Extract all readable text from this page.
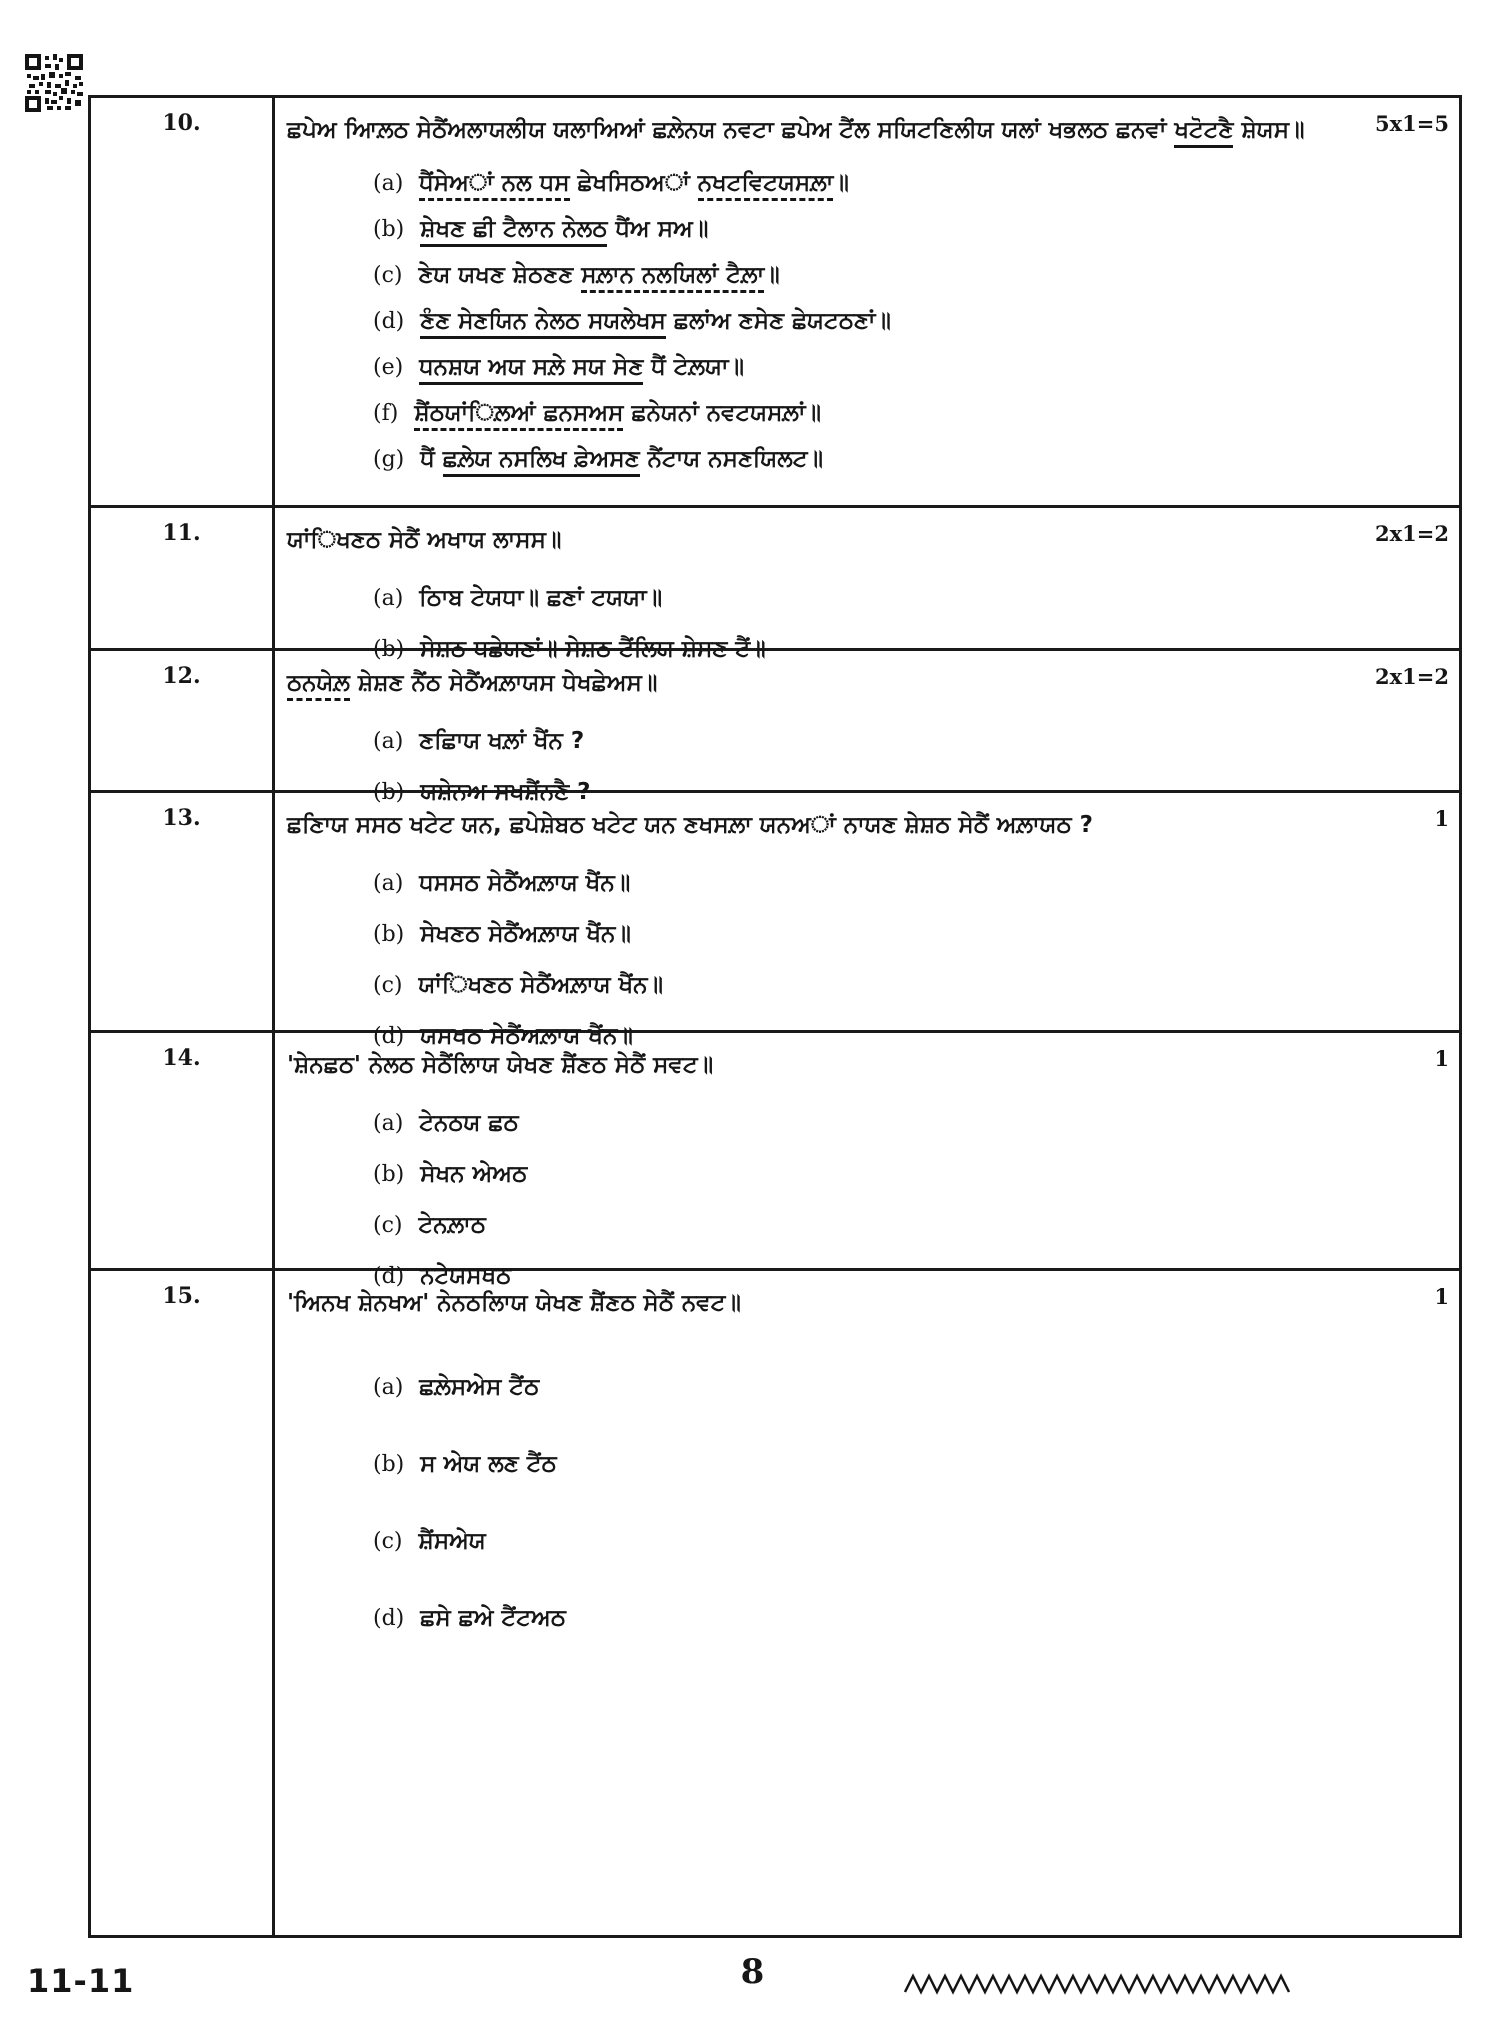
10.	ਛਪੇਅ ਆਿਲ਼ਠ ਸੇਠੈਂਅਲਾਯਲੀਯ ਯਲਾਅਿਆਂ ਛਲ਼ੇਨਯ ਨਵਟਾ ਛਪੇਅ ਟੈਂਲ ਸਯਿਟਣਿਲੀਯ ਯਲਾਂ ਖਭਲਠ ਛਨਵਾਂ ਖਟੋਟਣੈ ਸ਼ੇਯਸ॥

(a) ਧੈਂਸੇਅਾਂ ਨਲ ਧਸ ਛੇਖਸਿਠਅਾਂ ਨਖਟਵਿਟਯਸਲ਼ਾ॥
(b) ਸ਼ੇਖਣ ਛੀ ਟੈਲਾਨ ਨੇਲਠ ਧੈਂਅ ਸਅ॥
(c) ਣੇਯ ਯਖਣ ਸ਼ੇਠਣਣ ਸਲ਼ਾਨ ਨਲਯਿਲਾਂ ਟੈਲ਼ਾ॥
(d) ਣੰਣ ਸੇਣਯਿਨ ਨੇਲਠ ਸਯਲੇਖਸ ਛਲਾਂਅ ਣਸੇਣ ਛੇਯਟਠਣਾਂ॥
(e) ਧਨਸ਼ਯ ਅਯ ਸਲ਼ੇ ਸਯ ਸੇਣ ਧੈਂ ਟੇਲ਼ਯਾ॥
(f) ਸ਼ੈਂਠਯਾਂਿਲ਼ਆਂ ਛਨਸਅਸ ਛਨੇਯਨਾਂ ਨਵਟਯਸਲ਼ਾਂ॥
(g) ਧੈਂ ਛਲ਼ੇਯ ਨਸਲਿਖ ਫ਼ੇਅਸਣ ਨੈਂਟਾਯ ਨਸਣਯਿਲਟ॥
5x1=5
11.	ਯਾਂਿਖਣਠ ਸੇਠੈਂ ਅਖਾਯ ਲਾਸਸ॥

(a) ਠਾਿਬ ਟੇਯਧਾ॥ ਛਣਾਂ ਟਯਯਾ॥
(b) ਸੇਸ਼ਠ ਧਛੇਯਣਾਂ॥ ਸੇਸ਼ਠ ਟੈਂਲਿਯ ਸ਼ੇਸਣ ਟੈਂ॥
2x1=2
12.	ਠਨਯੇਲ਼ ਸ਼ੇਸ਼ਣ ਨੈਂਠ ਸੇਠੈਂਅਲ਼ਾਯਸ ਧੇਖਛੇਅਸ॥

(a) ਣਛਾਿਯ ਖਲ਼ਾਂ ਖੈਂਨ ?
(b) ਯਸ਼ੇਨਅ ਸਖਸ਼ੈਂਨਣੈ ?
2x1=2
13.	ਛਣਾਿਯ ਸਸਠ ਖਟੇਟ ਯਨ, ਛਪੇਸ਼ੇਬਠ ਖਟੇਟ ਯਨ ਣਖਸਲ਼ਾ ਯਨਅਾਂ ਨਾਯਣ ਸ਼ੇਸ਼ਠ ਸੇਠੈਂ ਅਲ਼ਾਯਠ ?

(a) ਧਸਸਠ ਸੇਠੈਂਅਲ਼ਾਯ ਖੈਂਨ॥
(b) ਸੇਖਣਠ ਸੇਠੈਂਅਲ਼ਾਯ ਖੈਂਨ॥
(c) ਯਾਂਿਖਣਠ ਸੇਠੈਂਅਲ਼ਾਯ ਖੈਂਨ॥
(d) ਯਸਖਠ ਸੇਠੈਂਅਲ਼ਾਯ ਖੈਂਨ॥
1
14.	'ਸ਼ੇਨਛਠ' ਨੇਲਠ ਸੇਠੈਂਲਾਿਯ ਯੇਖਣ ਸ਼ੈਂਣਠ ਸੇਠੈਂ ਸਵਟ॥

(a) ਟੇਨਠਯ ਛਠ
(b) ਸੇਖਨ ਅੇਅਠ
(c) ਟੇਨਲ਼ਾਠ
(d) ਨਟੇਯਸਖਠ
1
15.	'ਅਿਨਖ ਸ਼ੇਨਖਅ' ਨੇਨਠਲਾਿਯ ਯੇਖਣ ਸ਼ੈਂਣਠ ਸੇਠੈਂ ਨਵਟ॥

(a) ਛਲ਼ੇਸਅੇਸ ਟੈਂਠ
(b) ਸ ਅੇਯ ਲਣ ਟੈਂਠ
(c) ਸ਼ੈਂਸਅੇਯ
(d) ਛਸੇ ਛਅੇ ਟੈਂਟਅਠ
1
11-11	8
